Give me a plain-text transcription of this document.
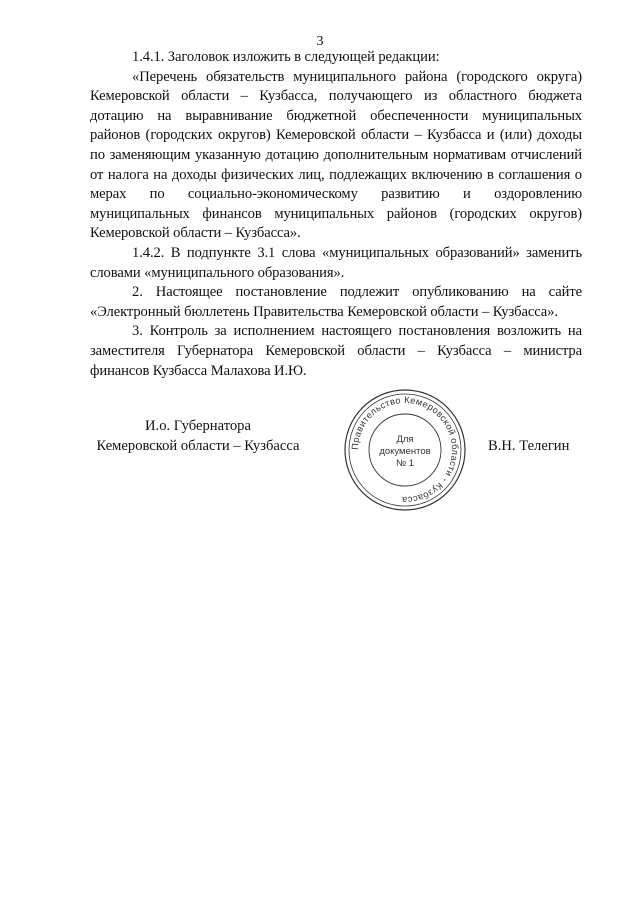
3

1.4.1. Заголовок изложить в следующей редакции:

«Перечень обязательств муниципального района (городского округа) Кемеровской области – Кузбасса, получающего из областного бюджета дотацию на выравнивание бюджетной обеспеченности муниципальных районов (городских округов) Кемеровской области – Кузбасса и (или) доходы по заменяющим указанную дотацию дополнительным нормативам отчислений от налога на доходы физических лиц, подлежащих включению в соглашения о мерах по социально-экономическому развитию и оздоровлению муниципальных финансов муниципальных районов (городских округов) Кемеровской области – Кузбасса».

1.4.2. В подпункте 3.1 слова «муниципальных образований» заменить словами «муниципального образования».

2. Настоящее постановление подлежит опубликованию на сайте «Электронный бюллетень Правительства Кемеровской области – Кузбасса».

3. Контроль за исполнением настоящего постановления возложить на заместителя Губернатора Кемеровской области – Кузбасса – министра финансов Кузбасса Малахова И.Ю.

И.о. Губернатора
Кемеровской области – Кузбасса	Правительство Кемеровской области - Кузбасса
Для
документов
№ 1
В.Н. Телегин
